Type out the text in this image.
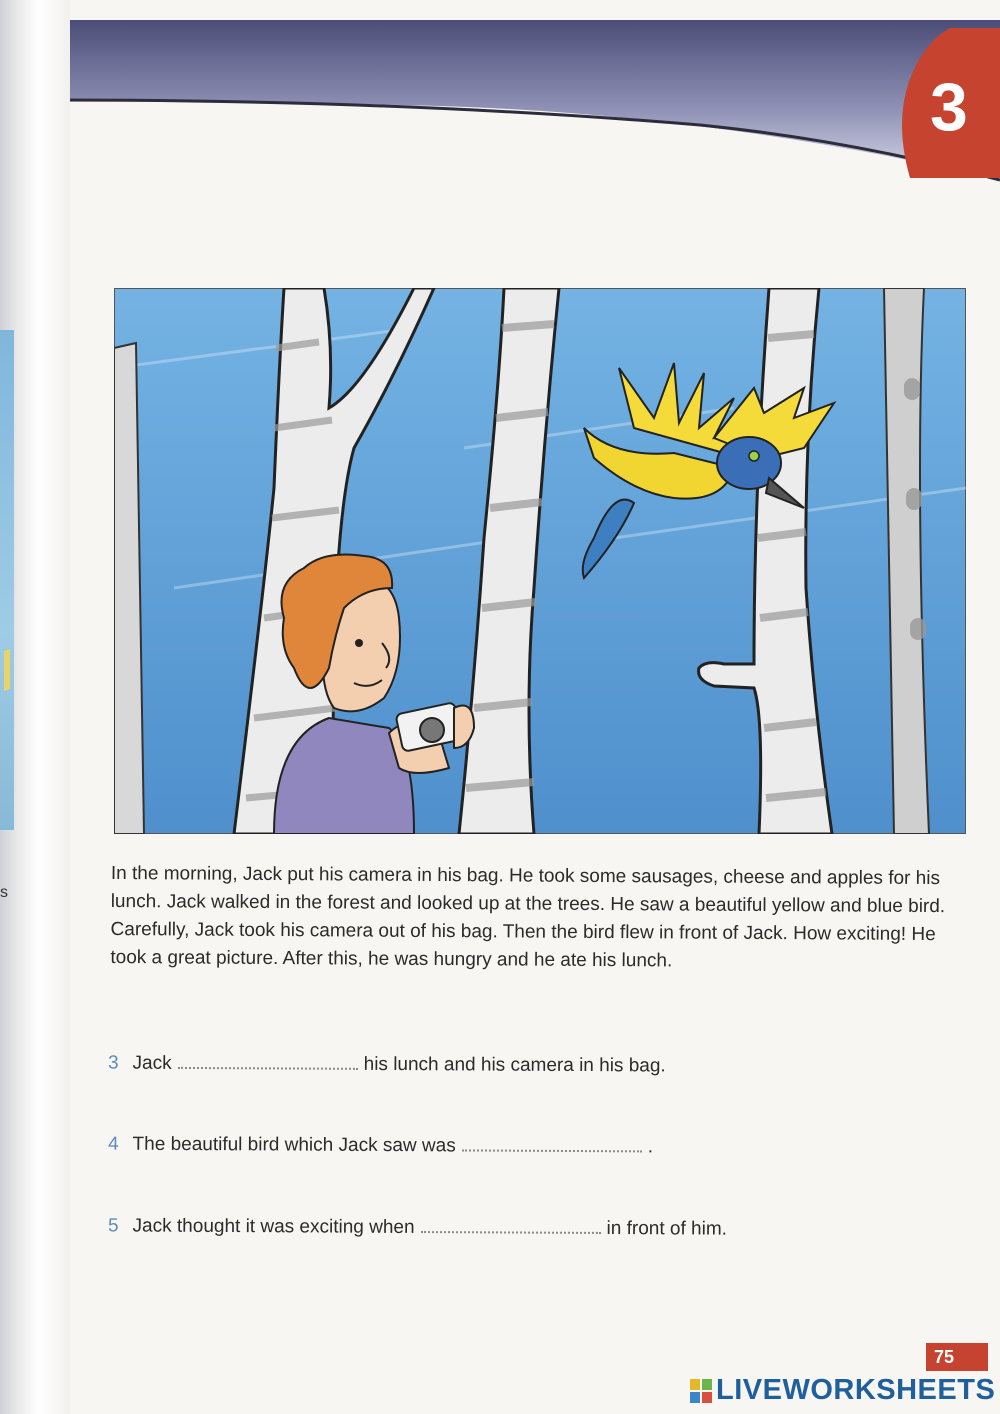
s
3

In the morning, Jack put his camera in his bag. He took some sausages, cheese and apples for his lunch. Jack walked in the forest and looked up at the trees. He saw a beautiful yellow and blue bird. Carefully, Jack took his camera out of his bag. Then the bird flew in front of Jack. How exciting! He took a great picture. After this, he was hungry and he ate his lunch.

3 Jack	his lunch and his camera in his bag.
4 The beautiful bird which Jack saw was	.
5 Jack thought it was exciting when	in front of him.
75
LIVEWORKSHEETS
